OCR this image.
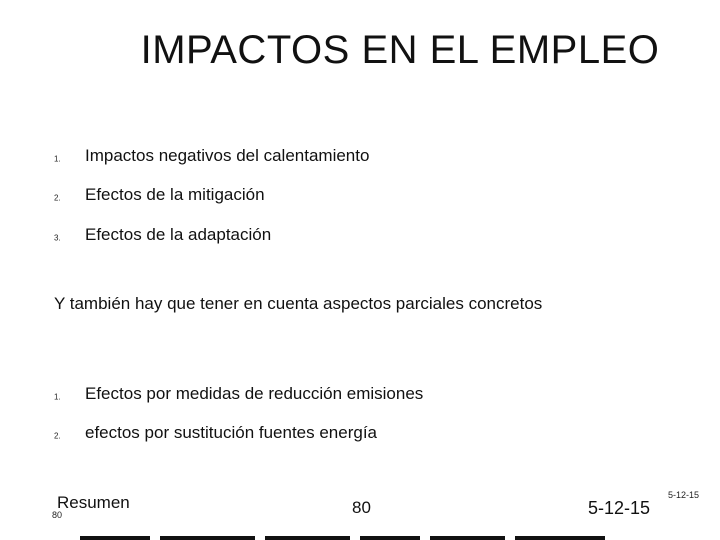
IMPACTOS EN EL EMPLEO
1. Impactos negativos del calentamiento
2. Efectos de la mitigación
3. Efectos de la adaptación
Y también hay que tener en cuenta aspectos parciales concretos
1. Efectos por medidas de reducción emisiones
2. efectos por sustitución fuentes energía
Resumen
80	80	5-12-15
5-12-15
